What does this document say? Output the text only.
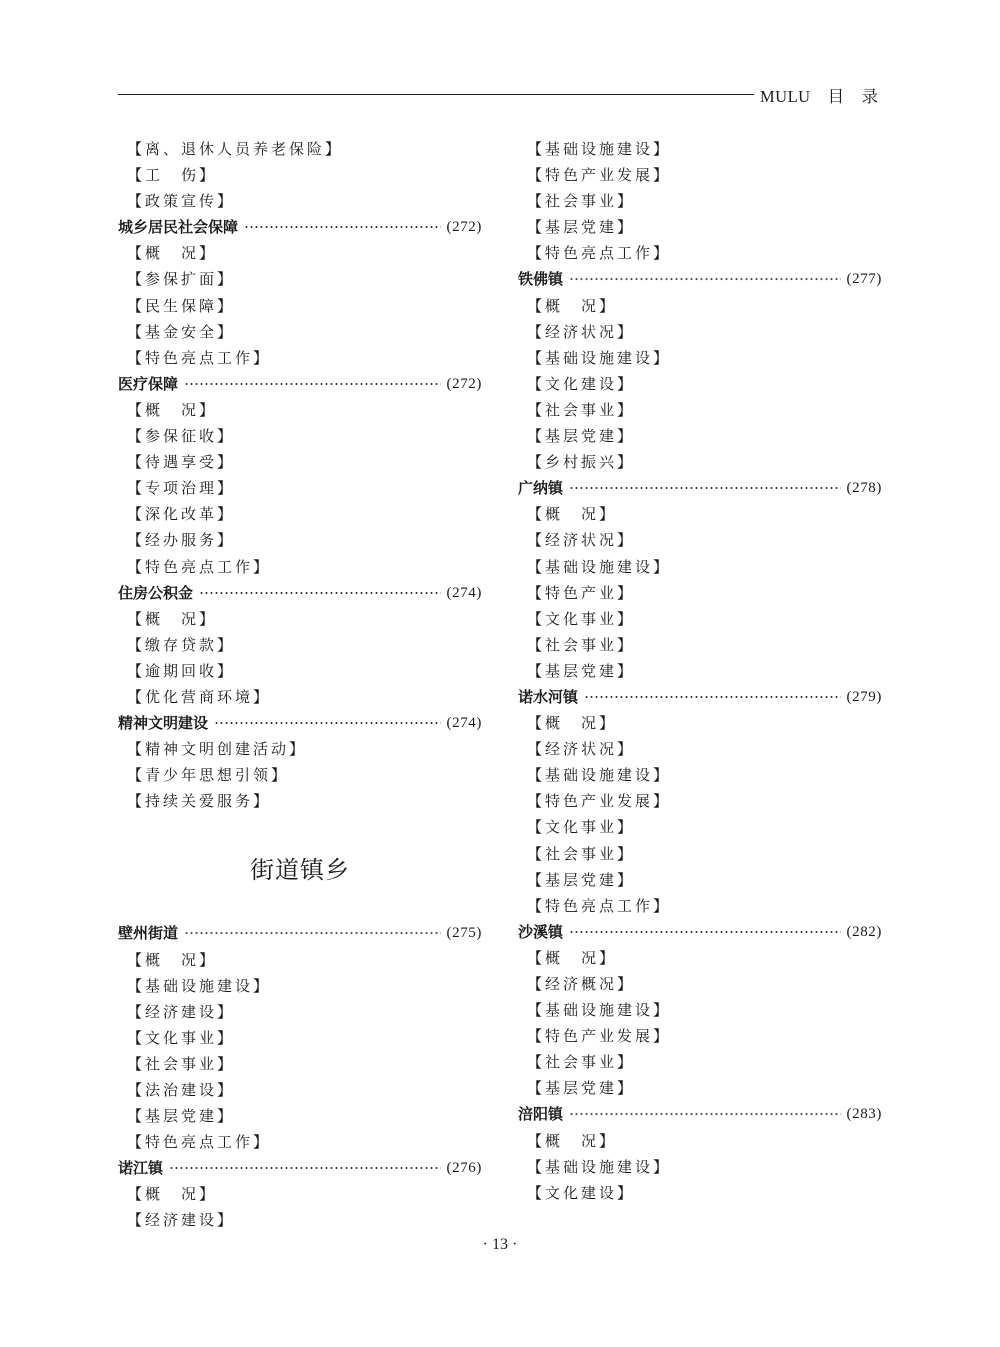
MULU　目　录
【离、退休人员养老保险】
【工　伤】
【政策宣传】
城乡居民社会保障	(272)
【概　况】
【参保扩面】
【民生保障】
【基金安全】
【特色亮点工作】
医疗保障	(272)
【概　况】
【参保征收】
【待遇享受】
【专项治理】
【深化改革】
【经办服务】
【特色亮点工作】
住房公积金	(274)
【概　况】
【缴存贷款】
【逾期回收】
【优化营商环境】
精神文明建设	(274)
【精神文明创建活动】
【青少年思想引领】
【持续关爱服务】
街道镇乡
壁州街道	(275)
【概　况】
【基础设施建设】
【经济建设】
【文化事业】
【社会事业】
【法治建设】
【基层党建】
【特色亮点工作】
诺江镇	(276)
【概　况】
【经济建设】
【基础设施建设】
【特色产业发展】
【社会事业】
【基层党建】
【特色亮点工作】
铁佛镇	(277)
【概　况】
【经济状况】
【基础设施建设】
【文化建设】
【社会事业】
【基层党建】
【乡村振兴】
广纳镇	(278)
【概　况】
【经济状况】
【基础设施建设】
【特色产业】
【文化事业】
【社会事业】
【基层党建】
诺水河镇	(279)
【概　况】
【经济状况】
【基础设施建设】
【特色产业发展】
【文化事业】
【社会事业】
【基层党建】
【特色亮点工作】
沙溪镇	(282)
【概　况】
【经济概况】
【基础设施建设】
【特色产业发展】
【社会事业】
【基层党建】
涪阳镇	(283)
【概　况】
【基础设施建设】
【文化建设】
· 13 ·
